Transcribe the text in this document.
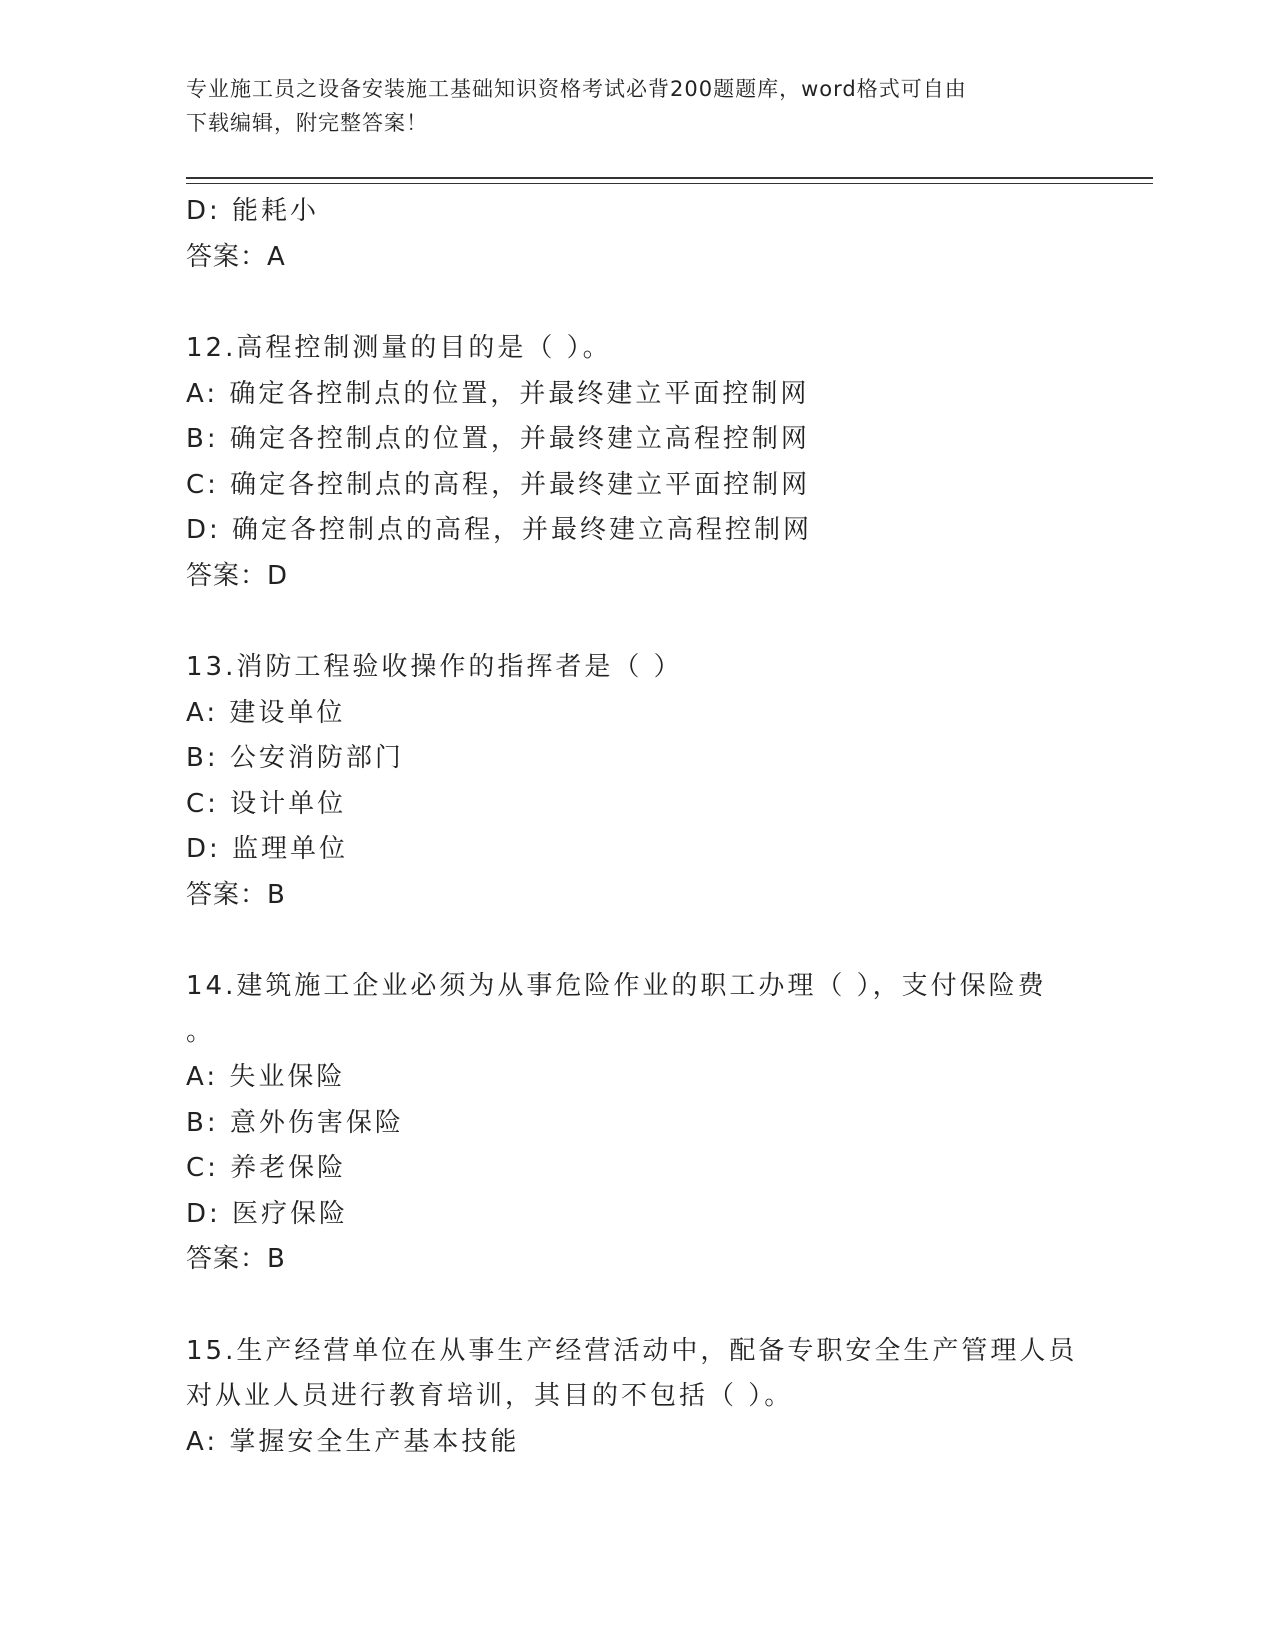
专业施工员之设备安装施工基础知识资格考试必背200题题库，word格式可自由
下载编辑，附完整答案！
D: 能耗小
答案：A
12.高程控制测量的目的是（ ）。
A: 确定各控制点的位置，并最终建立平面控制网
B: 确定各控制点的位置，并最终建立高程控制网
C: 确定各控制点的高程，并最终建立平面控制网
D: 确定各控制点的高程，并最终建立高程控制网
答案：D
13.消防工程验收操作的指挥者是（ ）
A: 建设单位
B: 公安消防部门
C: 设计单位
D: 监理单位
答案：B
14.建筑施工企业必须为从事危险作业的职工办理（ ），支付保险费
。
A: 失业保险
B: 意外伤害保险
C: 养老保险
D: 医疗保险
答案：B
15.生产经营单位在从事生产经营活动中，配备专职安全生产管理人员
对从业人员进行教育培训，其目的不包括（ ）。
A: 掌握安全生产基本技能
